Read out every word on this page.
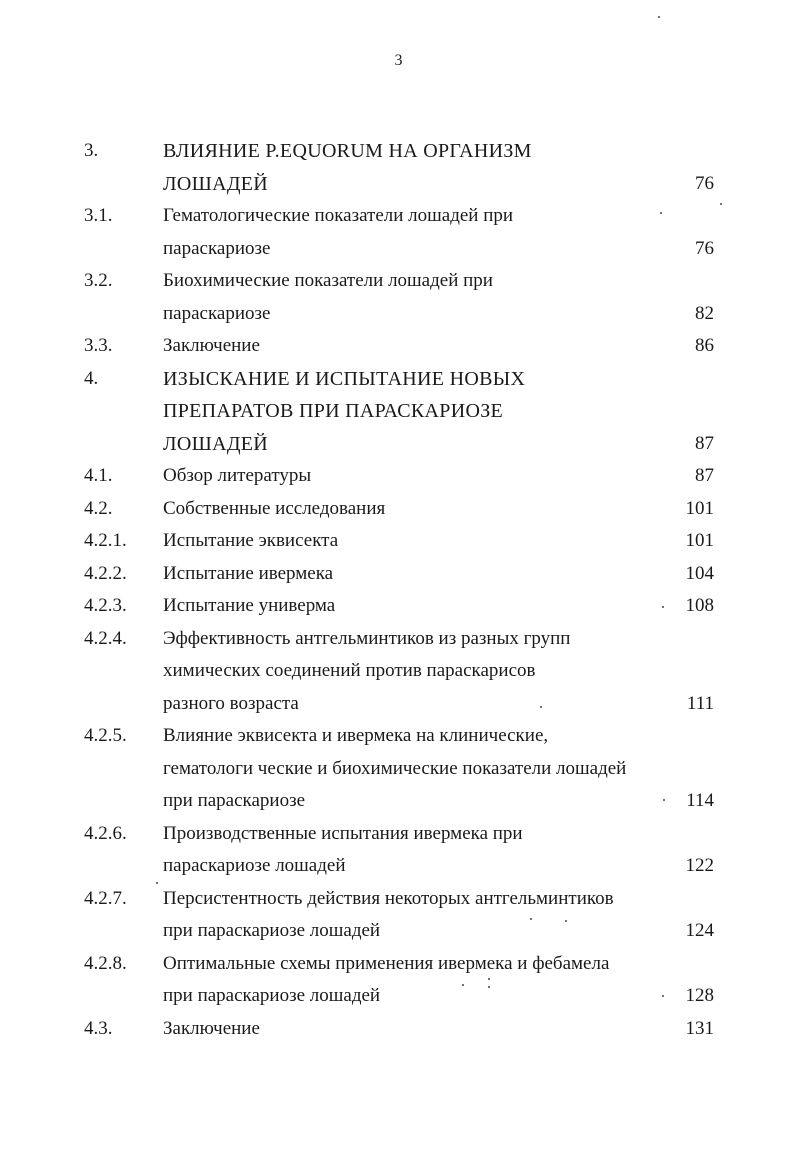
3
3.	ВЛИЯНИЕ P.EQUORUM НА ОРГАНИЗМ
ЛОШАДЕЙ	76
3.1.	Гематологические показатели лошадей при
параскариозе	76
3.2.	Биохимические показатели лошадей при
параскариозе	82
3.3.	Заключение	86
4.	ИЗЫСКАНИЕ И ИСПЫТАНИЕ НОВЫХ
ПРЕПАРАТОВ ПРИ ПАРАСКАРИОЗЕ
ЛОШАДЕЙ	87
4.1.	Обзор литературы	87
4.2.	Собственные исследования	101
4.2.1. Испытание эквисекта	101
4.2.2. Испытание ивермека	104
4.2.3. Испытание универма	108
4.2.4. Эффективность антгельминтиков из разных групп
химических соединений против параскарисов
разного возраста	111
4.2.5. Влияние эквисекта и ивермека на клинические,
гематологи ческие и биохимические показатели лошадей
при параскариозе	114
4.2.6. Производственные испытания ивермека при
параскариозе лошадей	122
4.2.7. Персистентность действия некоторых антгельминтиков
при параскариозе лошадей	124
4.2.8. Оптимальные схемы применения ивермека и фебамела
при параскариозе лошадей	128
4.3.	Заключение	131
